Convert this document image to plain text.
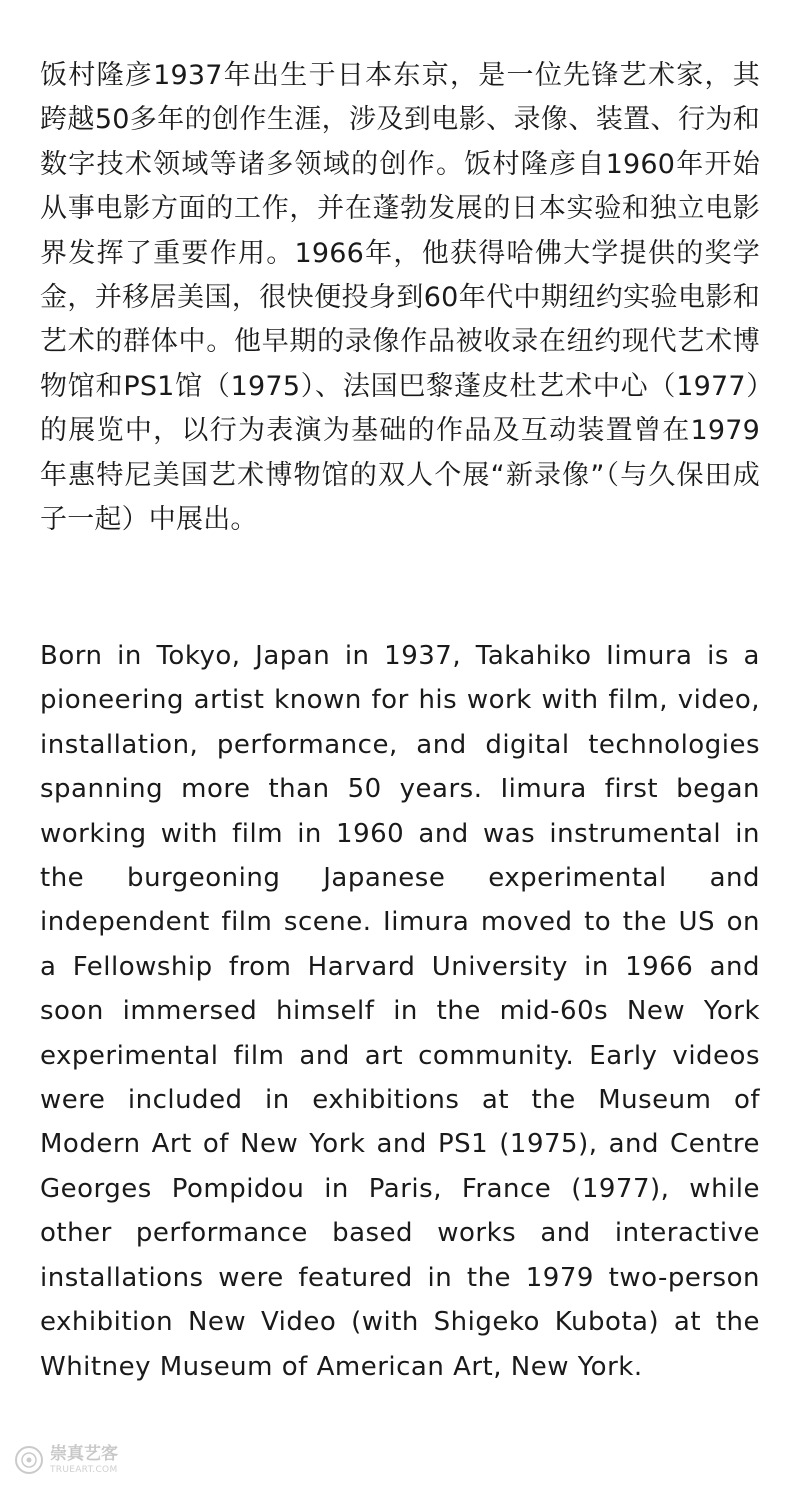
饭村隆彦1937年出生于日本东京，是一位先锋艺术家，其跨越50多年的创作生涯，涉及到电影、录像、装置、行为和数字技术领域等诸多领域的创作。饭村隆彦自1960年开始从事电影方面的工作，并在蓬勃发展的日本实验和独立电影界发挥了重要作用。1966年，他获得哈佛大学提供的奖学金，并移居美国，很快便投身到60年代中期纽约实验电影和艺术的群体中。他早期的录像作品被收录在纽约现代艺术博物馆和PS1馆（1975）、法国巴黎蓬皮杜艺术中心（1977）的展览中，以行为表演为基础的作品及互动装置曾在1979年惠特尼美国艺术博物馆的双人个展“新录像”（与久保田成子一起）中展出。

Born in Tokyo, Japan in 1937, Takahiko Iimura is a pioneering artist known for his work with film, video, installation, performance, and digital technologies spanning more than 50 years. Iimura first began working with film in 1960 and was instrumental in the burgeoning Japanese experimental and independent film scene. Iimura moved to the US on a Fellowship from Harvard University in 1966 and soon immersed himself in the mid-60s New York experimental film and art community. Early videos were included in exhibitions at the Museum of Modern Art of New York and PS1 (1975), and Centre Georges Pompidou in Paris, France (1977), while other performance based works and interactive installations were featured in the 1979 two-person exhibition New Video (with Shigeko Kubota) at the Whitney Museum of American Art, New York.

崇真艺客
TRUEART.COM
